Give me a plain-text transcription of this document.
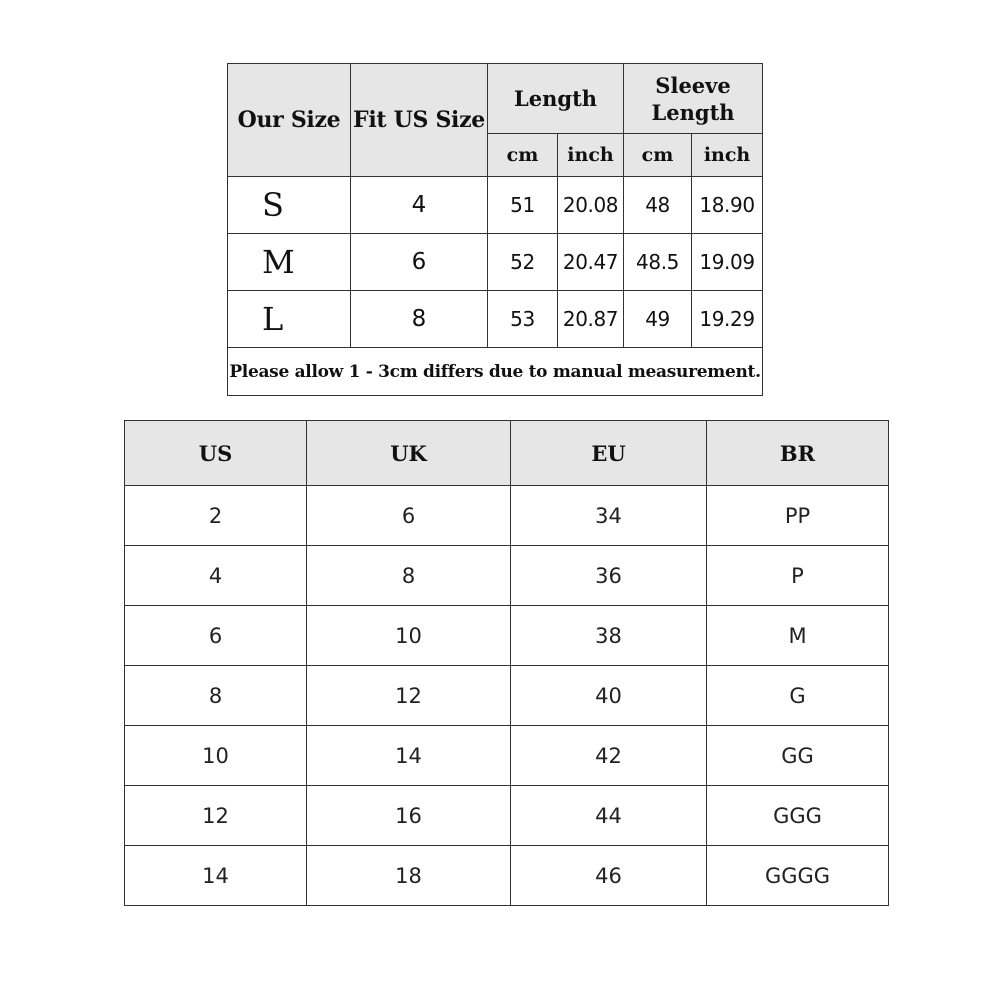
Our Size	Fit US Size	Length		Sleeve Length	
		cm	inch	cm	inch
S	4	51	20.08	48	18.90
M	6	52	20.47	48.5	19.09
L	8	53	20.87	49	19.29
Please allow 1 - 3cm differs due to manual measurement.					
US	UK	EU	BR
2	6	34	PP
4	8	36	P
6	10	38	M
8	12	40	G
10	14	42	GG
12	16	44	GGG
14	18	46	GGGG
